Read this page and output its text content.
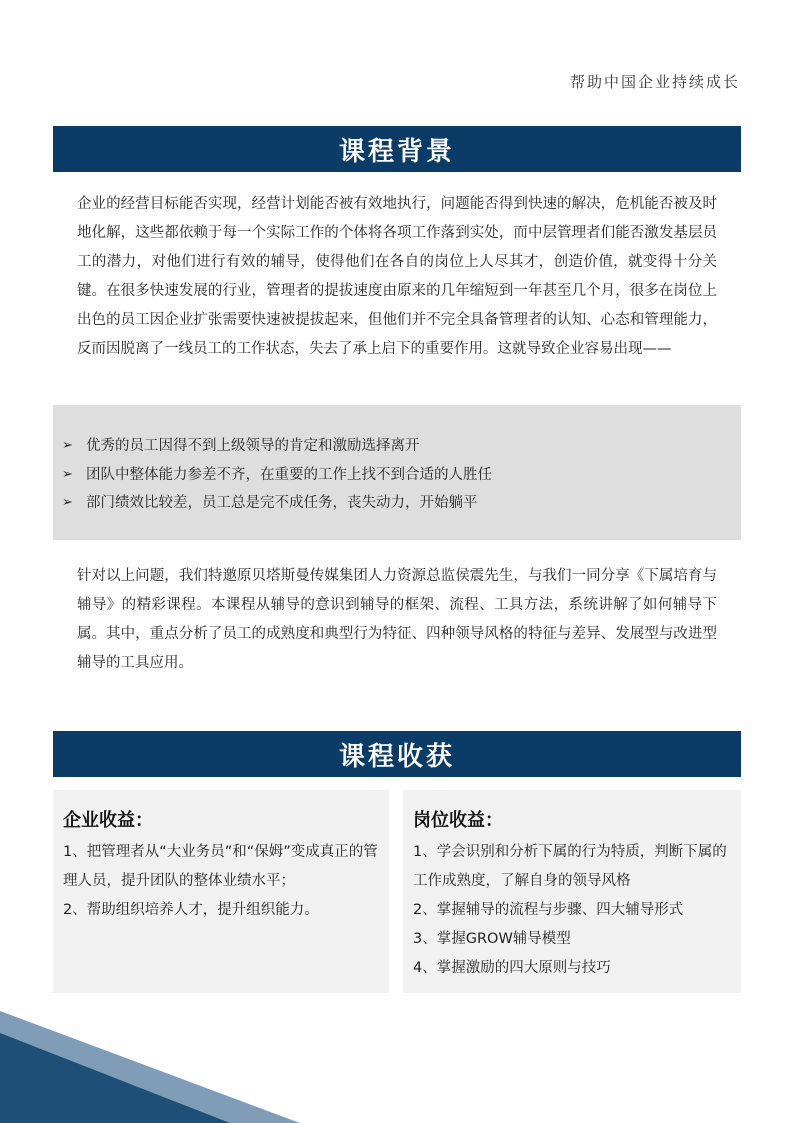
帮助中国企业持续成长
课程背景
企业的经营目标能否实现，经营计划能否被有效地执行，问题能否得到快速的解决，危机能否被及时地化解，这些都依赖于每一个实际工作的个体将各项工作落到实处，而中层管理者们能否激发基层员工的潜力，对他们进行有效的辅导，使得他们在各自的岗位上人尽其才，创造价值，就变得十分关键。在很多快速发展的行业，管理者的提拔速度由原来的几年缩短到一年甚至几个月，很多在岗位上出色的员工因企业扩张需要快速被提拔起来，但他们并不完全具备管理者的认知、心态和管理能力，反而因脱离了一线员工的工作状态，失去了承上启下的重要作用。这就导致企业容易出现——
➢ 优秀的员工因得不到上级领导的肯定和激励选择离开
➢ 团队中整体能力参差不齐，在重要的工作上找不到合适的人胜任
➢ 部门绩效比较差，员工总是完不成任务，丧失动力，开始躺平
针对以上问题，我们特邀原贝塔斯曼传媒集团人力资源总监侯震先生，与我们一同分享《下属培育与辅导》的精彩课程。本课程从辅导的意识到辅导的框架、流程、工具方法，系统讲解了如何辅导下属。其中，重点分析了员工的成熟度和典型行为特征、四种领导风格的特征与差异、发展型与改进型辅导的工具应用。
课程收获
企业收益：
1、把管理者从“大业务员”和“保姆”变成真正的管理人员，提升团队的整体业绩水平；
2、帮助组织培养人才，提升组织能力。
岗位收益：
1、学会识别和分析下属的行为特质，判断下属的工作成熟度，了解自身的领导风格
2、掌握辅导的流程与步骤、四大辅导形式
3、掌握GROW辅导模型
4、掌握激励的四大原则与技巧
